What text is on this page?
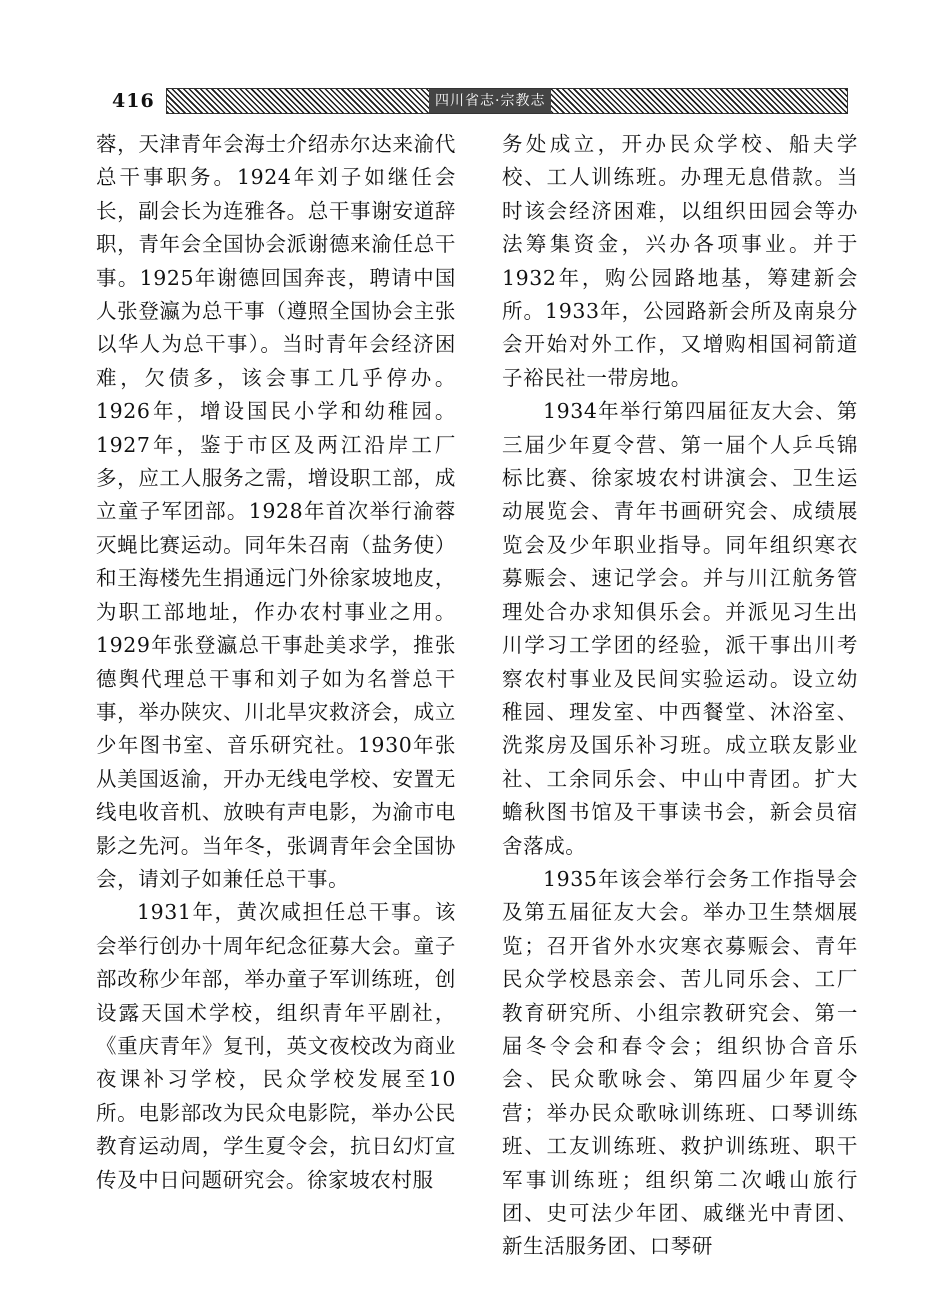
416	四川省志·宗教志

蓉，天津青年会海士介绍赤尔达来渝代总干事职务。1924年刘子如继任会长，副会长为连雅各。总干事谢安道辞职，青年会全国协会派谢德来渝任总干事。1925年谢德回国奔丧，聘请中国人张登瀛为总干事（遵照全国协会主张以华人为总干事）。当时青年会经济困难，欠债多，该会事工几乎停办。1926年，增设国民小学和幼稚园。1927年，鉴于市区及两江沿岸工厂多，应工人服务之需，增设职工部，成立童子军团部。1928年首次举行渝蓉灭蝇比赛运动。同年朱召南（盐务使）和王海楼先生捐通远门外徐家坡地皮，为职工部地址，作办农村事业之用。1929年张登瀛总干事赴美求学，推张德舆代理总干事和刘子如为名誉总干事，举办陕灾、川北旱灾救济会，成立少年图书室、音乐研究社。1930年张从美国返渝，开办无线电学校、安置无线电收音机、放映有声电影，为渝市电影之先河。当年冬，张调青年会全国协会，请刘子如兼任总干事。

1931年，黄次咸担任总干事。该会举行创办十周年纪念征募大会。童子部改称少年部，举办童子军训练班，创设露天国术学校，组织青年平剧社，《重庆青年》复刊，英文夜校改为商业夜课补习学校，民众学校发展至10所。电影部改为民众电影院，举办公民教育运动周，学生夏令会，抗日幻灯宣传及中日问题研究会。徐家坡农村服

务处成立，开办民众学校、船夫学校、工人训练班。办理无息借款。当时该会经济困难，以组织田园会等办法筹集资金，兴办各项事业。并于1932年，购公园路地基，筹建新会所。1933年，公园路新会所及南泉分会开始对外工作，又增购相国祠箭道子裕民社一带房地。

1934年举行第四届征友大会、第三届少年夏令营、第一届个人乒乓锦标比赛、徐家坡农村讲演会、卫生运动展览会、青年书画研究会、成绩展览会及少年职业指导。同年组织寒衣募赈会、速记学会。并与川江航务管理处合办求知俱乐会。并派见习生出川学习工学团的经验，派干事出川考察农村事业及民间实验运动。设立幼稚园、理发室、中西餐堂、沐浴室、洗浆房及国乐补习班。成立联友影业社、工余同乐会、中山中青团。扩大蟾秋图书馆及干事读书会，新会员宿舍落成。

1935年该会举行会务工作指导会及第五届征友大会。举办卫生禁烟展览；召开省外水灾寒衣募赈会、青年民众学校恳亲会、苦儿同乐会、工厂教育研究所、小组宗教研究会、第一届冬令会和春令会；组织协合音乐会、民众歌咏会、第四届少年夏令营；举办民众歌咏训练班、口琴训练班、工友训练班、救护训练班、职干军事训练班；组织第二次峨山旅行团、史可法少年团、戚继光中青团、新生活服务团、口琴研
